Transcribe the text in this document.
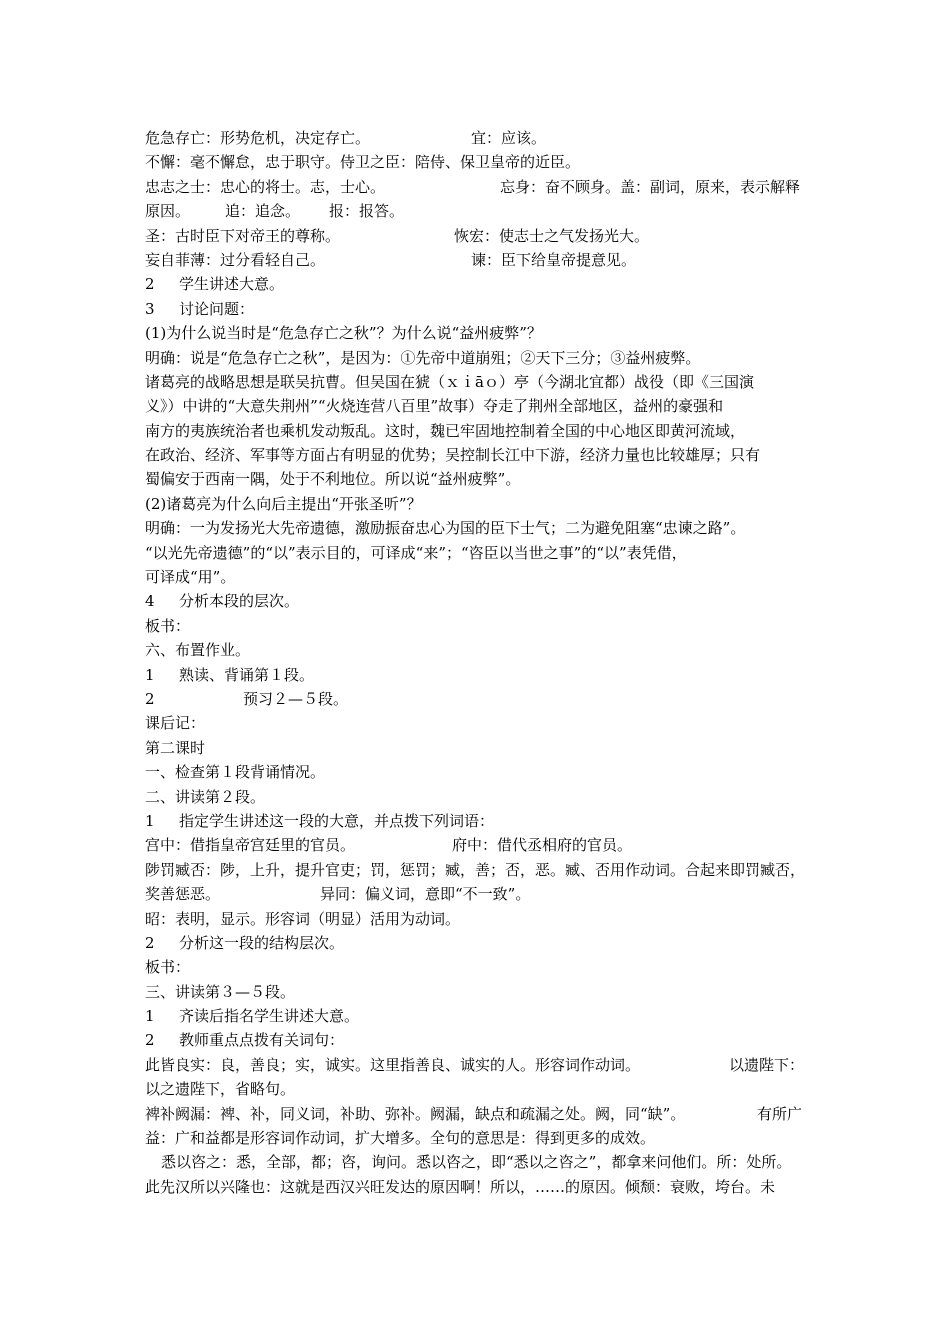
危急存亡：形势危机，决定存亡。	宜：应该。
不懈：毫不懈怠，忠于职守。侍卫之臣：陪侍、保卫皇帝的近臣。
忠志之士：忠心的将士。志，士心。	忘身：奋不顾身。盖：副词，原来，表示解释
原因。 追：追念。 报：报答。
圣：古时臣下对帝王的尊称。	恢宏：使志士之气发扬光大。
妄自菲薄：过分看轻自己。	谏：臣下给皇帝提意见。
2 学生讲述大意。
3 讨论问题：
(1)为什么说当时是“危急存亡之秋”？为什么说“益州疲弊”？
明确：说是“危急存亡之秋”，是因为：①先帝中道崩殂；②天下三分；③益州疲弊。
诸葛亮的战略思想是联吴抗曹。但吴国在猇（ｘｉāｏ）亭（今湖北宜都）战役（即《三国演
义》）中讲的“大意失荆州”“火烧连营八百里”故事）夺走了荆州全部地区，益州的豪强和
南方的夷族统治者也乘机发动叛乱。这时，魏已牢固地控制着全国的中心地区即黄河流域，
在政治、经济、军事等方面占有明显的优势；吴控制长江中下游，经济力量也比较雄厚；只有
蜀偏安于西南一隅，处于不利地位。所以说“益州疲弊”。
(2)诸葛亮为什么向后主提出“开张圣听”？
明确：一为发扬光大先帝遗德，激励振奋忠心为国的臣下士气；二为避免阻塞“忠谏之路”。
“以光先帝遗德”的“以”表示目的，可译成“来”；“咨臣以当世之事”的“以”表凭借，
可译成“用”。
4 分析本段的层次。
板书：
六、布置作业。
1 熟读、背诵第１段。
2	预习２—５段。
课后记：
第二课时
一、检查第１段背诵情况。
二、讲读第２段。
1 指定学生讲述这一段的大意，并点拨下列词语：
宫中：借指皇帝宫廷里的官员。	府中：借代丞相府的官员。
陟罚臧否：陟，上升，提升官吏；罚，惩罚；臧，善；否，恶。臧、否用作动词。合起来即罚臧否，
奖善惩恶。	异同：偏义词，意即“不一致”。
昭：表明，显示。形容词（明显）活用为动词。
2 分析这一段的结构层次。
板书：
三、讲读第３—５段。
1 齐读后指名学生讲述大意。
2 教师重点点拨有关词句：
此皆良实：良，善良；实，诚实。这里指善良、诚实的人。形容词作动词。	以遗陛下：
以之遗陛下，省略句。
裨补阙漏：裨、补，同义词，补助、弥补。阙漏，缺点和疏漏之处。阙，同“缺”。	有所广
益：广和益都是形容词作动词，扩大增多。全句的意思是：得到更多的成效。
悉以咨之：悉，全部，都；咨，询问。悉以咨之，即“悉以之咨之”，都拿来问他们。所：处所。
此先汉所以兴隆也：这就是西汉兴旺发达的原因啊！所以，……的原因。倾颓：衰败，垮台。未
